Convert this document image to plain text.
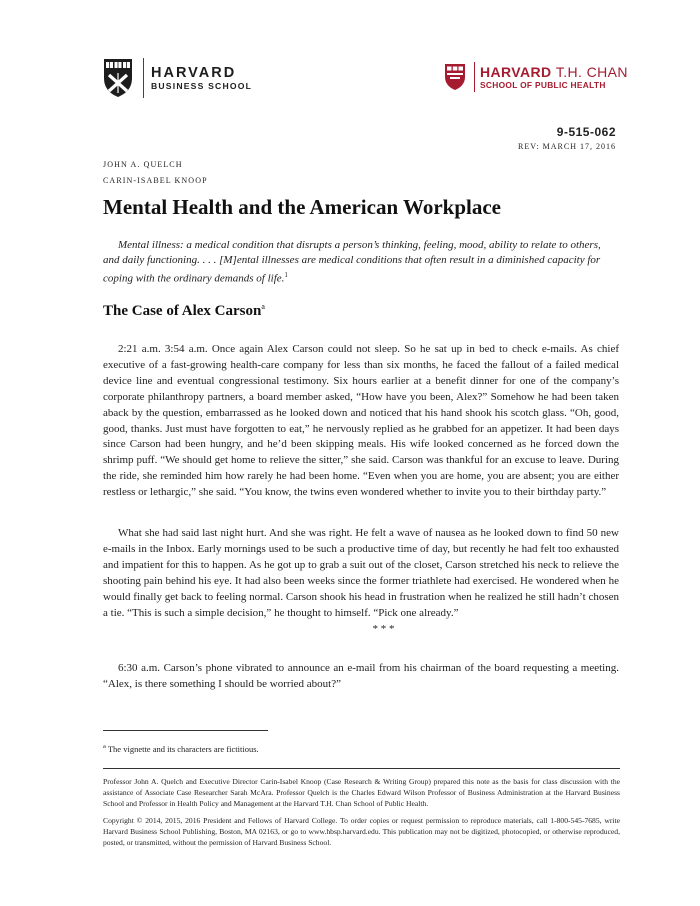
HARVARD
BUSINESS SCHOOL
HARVARD T.H. CHAN
SCHOOL OF PUBLIC HEALTH
9-515-062
REV: MARCH 17, 2016
JOHN A. QUELCH
CARIN-ISABEL KNOOP
Mental Health and the American Workplace
Mental illness: a medical condition that disrupts a person’s thinking, feeling, mood, ability to relate to others, and daily functioning. . . . [M]ental illnesses are medical conditions that often result in a diminished capacity for coping with the ordinary demands of life.$^1$
The Case of Alex Carson$^a$

2:21 a.m. 3:54 a.m. Once again Alex Carson could not sleep. So he sat up in bed to check e-mails. As chief executive of a fast-growing health-care company for less than six months, he faced the fallout of a failed medical device line and eventual congressional testimony. Six hours earlier at a benefit dinner for one of the company’s corporate philanthropy partners, a board member asked, “How have you been, Alex?” Somehow he had been taken aback by the question, embarrassed as he looked down and noticed that his hand shook his scotch glass. “Oh, good, good, thanks. Just must have forgotten to eat,” he nervously replied as he grabbed for an appetizer. It had been days since Carson had been hungry, and he’d been skipping meals. His wife looked concerned as he forced down the shrimp puff. “We should get home to relieve the sitter,” she said. Carson was thankful for an excuse to leave. During the ride, she reminded him how rarely he had been home. “Even when you are home, you are absent; you are either restless or lethargic,” she said. “You know, the twins even wondered whether to invite you to their birthday party.”

What she had said last night hurt. And she was right. He felt a wave of nausea as he looked down to find 50 new e-mails in the Inbox. Early mornings used to be such a productive time of day, but recently he had felt too exhausted and impatient for this to happen. As he got up to grab a suit out of the closet, Carson stretched his neck to relieve the shooting pain behind his eye. It had also been weeks since the former triathlete had exercised. He wondered when he would finally get back to feeling normal. Carson shook his head in frustration when he realized he still hadn’t chosen a tie. “This is such a simple decision,” he thought to himself. “Pick one already.”

* * *

6:30 a.m. Carson’s phone vibrated to announce an e-mail from his chairman of the board requesting a meeting. “Alex, is there something I should be worried about?”

$^a$ The vignette and its characters are fictitious.
Professor John A. Quelch and Executive Director Carin-Isabel Knoop (Case Research & Writing Group) prepared this note as the basis for class discussion with the assistance of Associate Case Researcher Sarah McAra. Professor Quelch is the Charles Edward Wilson Professor of Business Administration at the Harvard Business School and Professor in Health Policy and Management at the Harvard T.H. Chan School of Public Health.
Copyright © 2014, 2015, 2016 President and Fellows of Harvard College. To order copies or request permission to reproduce materials, call 1-800-545-7685, write Harvard Business School Publishing, Boston, MA 02163, or go to www.hbsp.harvard.edu. This publication may not be digitized, photocopied, or otherwise reproduced, posted, or transmitted, without the permission of Harvard Business School.
